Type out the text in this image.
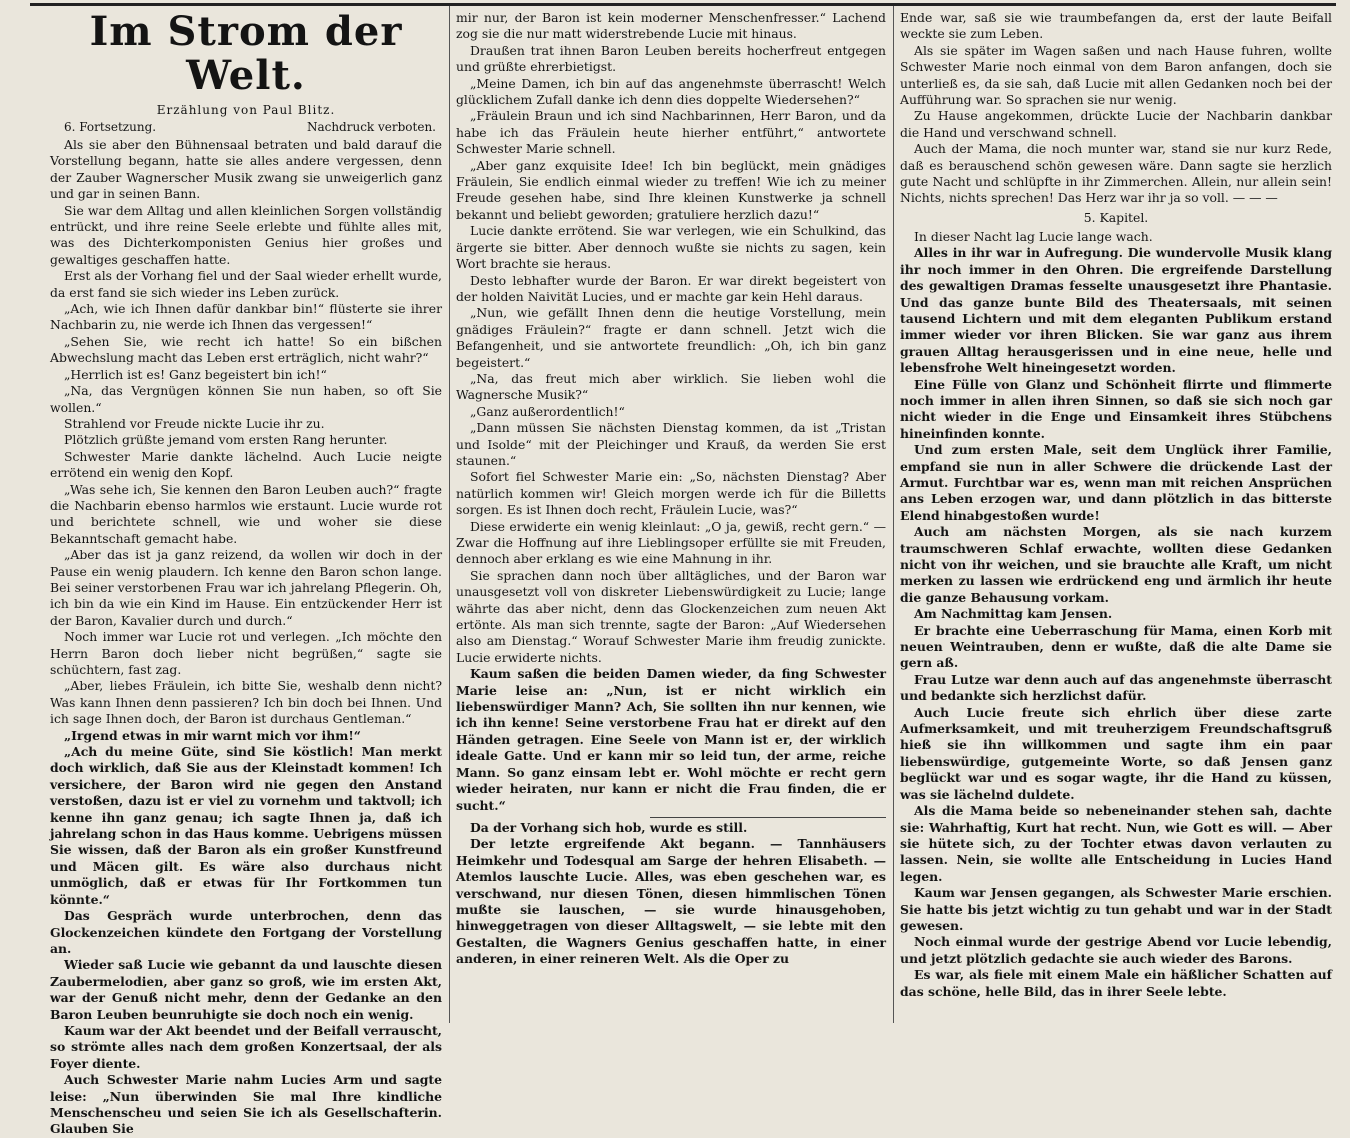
Im Strom der Welt.
Erzählung von Paul Blitz.
6. Fortsetzung.	Nachdruck verboten.

Als sie aber den Bühnensaal betraten und bald darauf die Vorstellung begann, hatte sie alles andere vergessen, denn der Zauber Wagnerscher Musik zwang sie unweigerlich ganz und gar in seinen Bann.

Sie war dem Alltag und allen kleinlichen Sorgen vollständig entrückt, und ihre reine Seele erlebte und fühlte alles mit, was des Dichterkomponisten Genius hier großes und gewaltiges geschaffen hatte.

Erst als der Vorhang fiel und der Saal wieder erhellt wurde, da erst fand sie sich wieder ins Leben zurück.

„Ach, wie ich Ihnen dafür dankbar bin!“ flüsterte sie ihrer Nachbarin zu, nie werde ich Ihnen das vergessen!“

„Sehen Sie, wie recht ich hatte! So ein bißchen Abwechslung macht das Leben erst erträglich, nicht wahr?“

„Herrlich ist es! Ganz begeistert bin ich!“

„Na, das Vergnügen können Sie nun haben, so oft Sie wollen.“

Strahlend vor Freude nickte Lucie ihr zu.

Plötzlich grüßte jemand vom ersten Rang herunter.

Schwester Marie dankte lächelnd. Auch Lucie neigte errötend ein wenig den Kopf.

„Was sehe ich, Sie kennen den Baron Leuben auch?“ fragte die Nachbarin ebenso harmlos wie erstaunt. Lucie wurde rot und berichtete schnell, wie und woher sie diese Bekanntschaft gemacht habe.

„Aber das ist ja ganz reizend, da wollen wir doch in der Pause ein wenig plaudern. Ich kenne den Baron schon lange. Bei seiner verstorbenen Frau war ich jahrelang Pflegerin. Oh, ich bin da wie ein Kind im Hause. Ein entzückender Herr ist der Baron, Kavalier durch und durch.“

Noch immer war Lucie rot und verlegen. „Ich möchte den Herrn Baron doch lieber nicht begrüßen,“ sagte sie schüchtern, fast zag.

„Aber, liebes Fräulein, ich bitte Sie, weshalb denn nicht? Was kann Ihnen denn passieren? Ich bin doch bei Ihnen. Und ich sage Ihnen doch, der Baron ist durchaus Gentleman.“

„Irgend etwas in mir warnt mich vor ihm!“

„Ach du meine Güte, sind Sie köstlich! Man merkt doch wirklich, daß Sie aus der Kleinstadt kommen! Ich versichere, der Baron wird nie gegen den Anstand verstoßen, dazu ist er viel zu vornehm und taktvoll; ich kenne ihn ganz genau; ich sagte Ihnen ja, daß ich jahrelang schon in das Haus komme. Uebrigens müssen Sie wissen, daß der Baron als ein großer Kunstfreund und Mäcen gilt. Es wäre also durchaus nicht unmöglich, daß er etwas für Ihr Fortkommen tun könnte.“

Das Gespräch wurde unterbrochen, denn das Glockenzeichen kündete den Fortgang der Vorstellung an.

Wieder saß Lucie wie gebannt da und lauschte diesen Zaubermelodien, aber ganz so groß, wie im ersten Akt, war der Genuß nicht mehr, denn der Gedanke an den Baron Leuben beunruhigte sie doch noch ein wenig.

Kaum war der Akt beendet und der Beifall verrauscht, so strömte alles nach dem großen Konzertsaal, der als Foyer diente.

Auch Schwester Marie nahm Lucies Arm und sagte leise: „Nun überwinden Sie mal Ihre kindliche Menschenscheu und seien Sie ich als Gesellschafterin. Glauben Sie

mir nur, der Baron ist kein moderner Menschenfresser.“ Lachend zog sie die nur matt widerstrebende Lucie mit hinaus.

Draußen trat ihnen Baron Leuben bereits hocherfreut entgegen und grüßte ehrerbietigst.

„Meine Damen, ich bin auf das angenehmste überrascht! Welch glücklichem Zufall danke ich denn dies doppelte Wiedersehen?“

„Fräulein Braun und ich sind Nachbarinnen, Herr Baron, und da habe ich das Fräulein heute hierher entführt,“ antwortete Schwester Marie schnell.

„Aber ganz exquisite Idee! Ich bin beglückt, mein gnädiges Fräulein, Sie endlich einmal wieder zu treffen! Wie ich zu meiner Freude gesehen habe, sind Ihre kleinen Kunstwerke ja schnell bekannt und beliebt geworden; gratuliere herzlich dazu!“

Lucie dankte errötend. Sie war verlegen, wie ein Schulkind, das ärgerte sie bitter. Aber dennoch wußte sie nichts zu sagen, kein Wort brachte sie heraus.

Desto lebhafter wurde der Baron. Er war direkt begeistert von der holden Naivität Lucies, und er machte gar kein Hehl daraus.

„Nun, wie gefällt Ihnen denn die heutige Vorstellung, mein gnädiges Fräulein?“ fragte er dann schnell. Jetzt wich die Befangenheit, und sie antwortete freundlich: „Oh, ich bin ganz begeistert.“

„Na, das freut mich aber wirklich. Sie lieben wohl die Wagnersche Musik?“

„Ganz außerordentlich!“

„Dann müssen Sie nächsten Dienstag kommen, da ist „Tristan und Isolde“ mit der Pleichinger und Krauß, da werden Sie erst staunen.“

Sofort fiel Schwester Marie ein: „So, nächsten Dienstag? Aber natürlich kommen wir! Gleich morgen werde ich für die Billetts sorgen. Es ist Ihnen doch recht, Fräulein Lucie, was?“

Diese erwiderte ein wenig kleinlaut: „O ja, gewiß, recht gern.“ — Zwar die Hoffnung auf ihre Lieblingsoper erfüllte sie mit Freuden, dennoch aber erklang es wie eine Mahnung in ihr.

Sie sprachen dann noch über alltägliches, und der Baron war unausgesetzt voll von diskreter Liebenswürdigkeit zu Lucie; lange währte das aber nicht, denn das Glockenzeichen zum neuen Akt ertönte. Als man sich trennte, sagte der Baron: „Auf Wiedersehen also am Dienstag.“ Worauf Schwester Marie ihm freudig zunickte. Lucie erwiderte nichts.

Kaum saßen die beiden Damen wieder, da fing Schwester Marie leise an: „Nun, ist er nicht wirklich ein liebenswürdiger Mann? Ach, Sie sollten ihn nur kennen, wie ich ihn kenne! Seine verstorbene Frau hat er direkt auf den Händen getragen. Eine Seele von Mann ist er, der wirklich ideale Gatte. Und er kann mir so leid tun, der arme, reiche Mann. So ganz einsam lebt er. Wohl möchte er recht gern wieder heiraten, nur kann er nicht die Frau finden, die er sucht.“

Da der Vorhang sich hob, wurde es still.

Der letzte ergreifende Akt begann. — Tannhäusers Heimkehr und Todesqual am Sarge der hehren Elisabeth. — Atemlos lauschte Lucie. Alles, was eben geschehen war, es verschwand, nur diesen Tönen, diesen himmlischen Tönen mußte sie lauschen, — sie wurde hinausgehoben, hinweggetragen von dieser Alltagswelt, — sie lebte mit den Gestalten, die Wagners Genius geschaffen hatte, in einer anderen, in einer reineren Welt. Als die Oper zu

Ende war, saß sie wie traumbefangen da, erst der laute Beifall weckte sie zum Leben.

Als sie später im Wagen saßen und nach Hause fuhren, wollte Schwester Marie noch einmal von dem Baron anfangen, doch sie unterließ es, da sie sah, daß Lucie mit allen Gedanken noch bei der Aufführung war. So sprachen sie nur wenig.

Zu Hause angekommen, drückte Lucie der Nachbarin dankbar die Hand und verschwand schnell.

Auch der Mama, die noch munter war, stand sie nur kurz Rede, daß es berauschend schön gewesen wäre. Dann sagte sie herzlich gute Nacht und schlüpfte in ihr Zimmerchen. Allein, nur allein sein! Nichts, nichts sprechen! Das Herz war ihr ja so voll. — — —

5. Kapitel.

In dieser Nacht lag Lucie lange wach.

Alles in ihr war in Aufregung. Die wundervolle Musik klang ihr noch immer in den Ohren. Die ergreifende Darstellung des gewaltigen Dramas fesselte unausgesetzt ihre Phantasie. Und das ganze bunte Bild des Theatersaals, mit seinen tausend Lichtern und mit dem eleganten Publikum erstand immer wieder vor ihren Blicken. Sie war ganz aus ihrem grauen Alltag herausgerissen und in eine neue, helle und lebensfrohe Welt hineingesetzt worden.

Eine Fülle von Glanz und Schönheit flirrte und flimmerte noch immer in allen ihren Sinnen, so daß sie sich noch gar nicht wieder in die Enge und Einsamkeit ihres Stübchens hineinfinden konnte.

Und zum ersten Male, seit dem Unglück ihrer Familie, empfand sie nun in aller Schwere die drückende Last der Armut. Furchtbar war es, wenn man mit reichen Ansprüchen ans Leben erzogen war, und dann plötzlich in das bitterste Elend hinabgestoßen wurde!

Auch am nächsten Morgen, als sie nach kurzem traumschweren Schlaf erwachte, wollten diese Gedanken nicht von ihr weichen, und sie brauchte alle Kraft, um nicht merken zu lassen wie erdrückend eng und ärmlich ihr heute die ganze Behausung vorkam.

Am Nachmittag kam Jensen.

Er brachte eine Ueberraschung für Mama, einen Korb mit neuen Weintrauben, denn er wußte, daß die alte Dame sie gern aß.

Frau Lutze war denn auch auf das angenehmste überrascht und bedankte sich herzlichst dafür.

Auch Lucie freute sich ehrlich über diese zarte Aufmerksamkeit, und mit treuherzigem Freundschaftsgruß hieß sie ihn willkommen und sagte ihm ein paar liebenswürdige, gutgemeinte Worte, so daß Jensen ganz beglückt war und es sogar wagte, ihr die Hand zu küssen, was sie lächelnd duldete.

Als die Mama beide so nebeneinander stehen sah, dachte sie: Wahrhaftig, Kurt hat recht. Nun, wie Gott es will. — Aber sie hütete sich, zu der Tochter etwas davon verlauten zu lassen. Nein, sie wollte alle Entscheidung in Lucies Hand legen.

Kaum war Jensen gegangen, als Schwester Marie erschien. Sie hatte bis jetzt wichtig zu tun gehabt und war in der Stadt gewesen.

Noch einmal wurde der gestrige Abend vor Lucie lebendig, und jetzt plötzlich gedachte sie auch wieder des Barons.

Es war, als fiele mit einem Male ein häßlicher Schatten auf das schöne, helle Bild, das in ihrer Seele lebte.
